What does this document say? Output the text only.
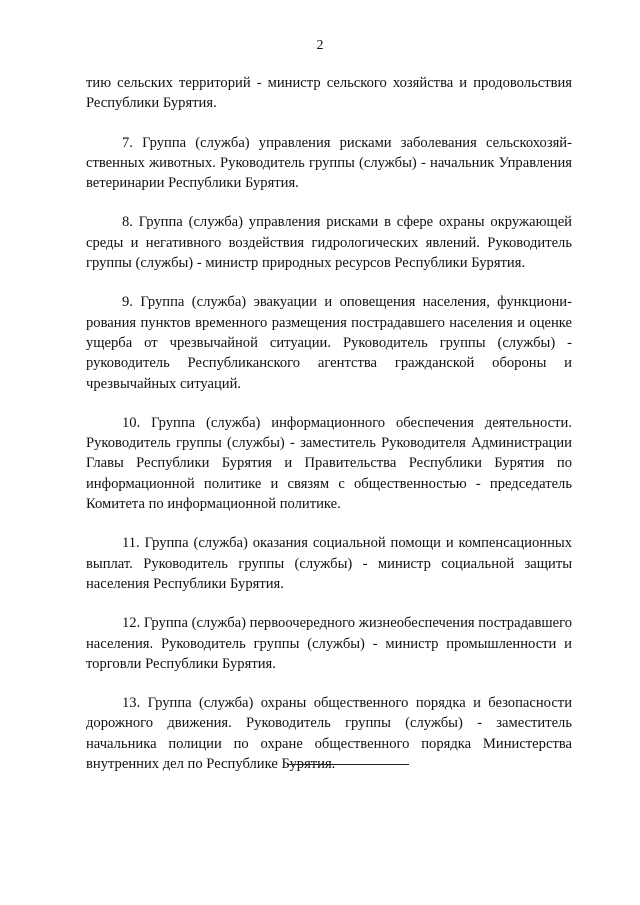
2

тию сельских территорий - министр сельского хозяйства и продовольствия Республики Бурятия.

7. Группа (служба) управления рисками заболевания сельскохозяйственных животных. Руководитель группы (службы) - начальник Управления ветеринарии Республики Бурятия.

8. Группа (служба) управления рисками в сфере охраны окружающей среды и негативного воздействия гидрологических явлений. Руководитель группы (службы) - министр природных ресурсов Республики Бурятия.

9. Группа (служба) эвакуации и оповещения населения, функционирования пунктов временного размещения пострадавшего населения и оценке ущерба от чрезвычайной ситуации. Руководитель группы (службы) - руководитель Республиканского агентства гражданской обороны и чрезвычайных ситуаций.

10. Группа (служба) информационного обеспечения деятельности. Руководитель группы (службы) - заместитель Руководителя Администрации Главы Республики Бурятия и Правительства Республики Бурятия по информационной политике и связям с общественностью - председатель Комитета по информационной политике.

11. Группа (служба) оказания социальной помощи и компенсационных выплат. Руководитель группы (службы) - министр социальной защиты населения Республики Бурятия.

12. Группа (служба) первоочередного жизнеобеспечения пострадавшего населения. Руководитель группы (службы) - министр промышленности и торговли Республики Бурятия.

13. Группа (служба) охраны общественного порядка и безопасности дорожного движения. Руководитель группы (службы) - заместитель начальника полиции по охране общественного порядка Министерства внутренних дел по Республике Бурятия.
